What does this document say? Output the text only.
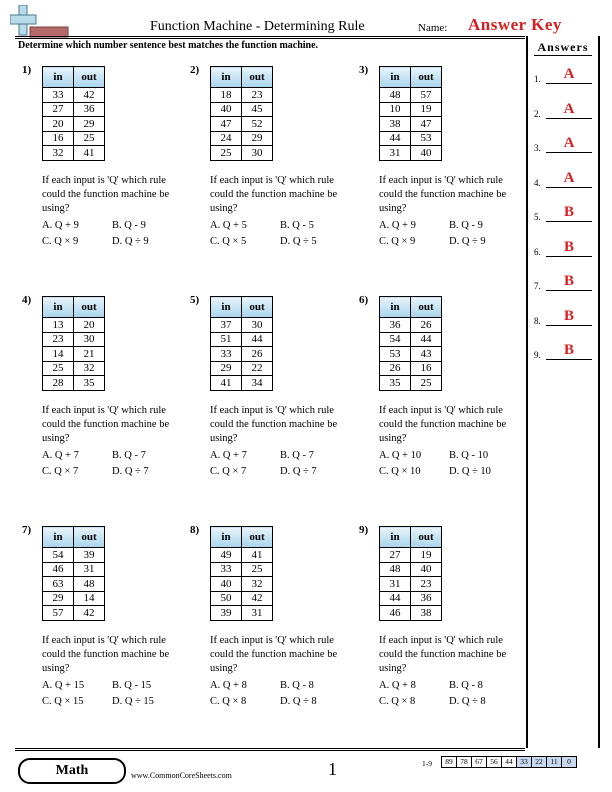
Function Machine - Determining Rule	Name: Answer Key
Determine which number sentence best matches the function machine.	Answers
1.	A
2.	A
3.	A
4.	A
5.	B
6.	B
7.	B
8.	B
9.	B
1)
in	out
33	42
27	36
20	29
16	25
32	41
If each input is 'Q' which rule could the function machine be using?
A. Q + 9	B. Q - 9
C. Q × 9	D. Q ÷ 9
2)
in	out
18	23
40	45
47	52
24	29
25	30
If each input is 'Q' which rule could the function machine be using?
A. Q + 5	B. Q - 5
C. Q × 5	D. Q ÷ 5
3)
in	out
48	57
10	19
38	47
44	53
31	40
If each input is 'Q' which rule could the function machine be using?
A. Q + 9	B. Q - 9
C. Q × 9	D. Q ÷ 9
4)
in	out
13	20
23	30
14	21
25	32
28	35
If each input is 'Q' which rule could the function machine be using?
A. Q + 7	B. Q - 7
C. Q × 7	D. Q ÷ 7
5)
in	out
37	30
51	44
33	26
29	22
41	34
If each input is 'Q' which rule could the function machine be using?
A. Q + 7	B. Q - 7
C. Q × 7	D. Q ÷ 7
6)
in	out
36	26
54	44
53	43
26	16
35	25
If each input is 'Q' which rule could the function machine be using?
A. Q + 10	B. Q - 10
C. Q × 10	D. Q ÷ 10
7)
in	out
54	39
46	31
63	48
29	14
57	42
If each input is 'Q' which rule could the function machine be using?
A. Q + 15	B. Q - 15
C. Q × 15	D. Q ÷ 15
8)
in	out
49	41
33	25
40	32
50	42
39	31
If each input is 'Q' which rule could the function machine be using?
A. Q + 8	B. Q - 8
C. Q × 8	D. Q ÷ 8
9)
in	out
27	19
48	40
31	23
44	36
46	38
If each input is 'Q' which rule could the function machine be using?
A. Q + 8	B. Q - 8
C. Q × 8	D. Q ÷ 8
Math	www.CommonCoreSheets.com	1	1-9	89	78	67	56	44	33	22	11	0
